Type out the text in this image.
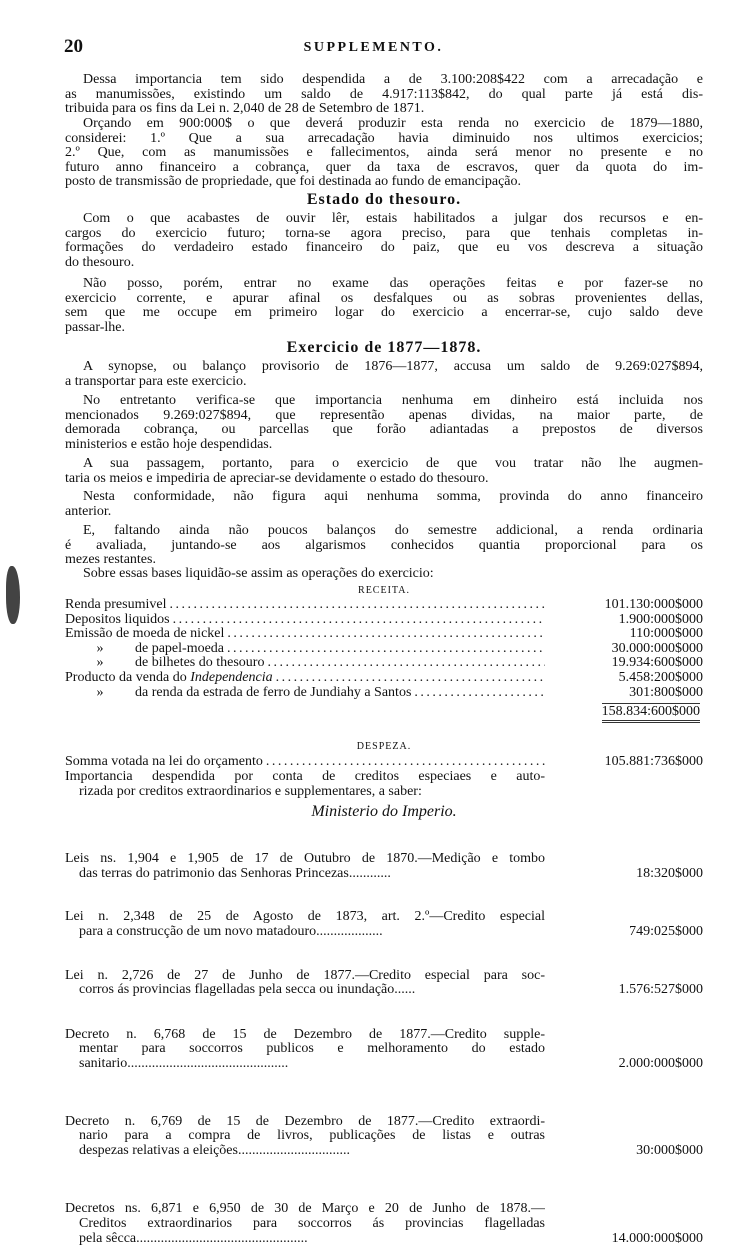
20	SUPPLEMENTO.
Dessa importancia tem sido despendida a de 3.100:208$422 com a arrecadação e
as manumissões, existindo um saldo de 4.917:113$842, do qual parte já está dis-
tribuida para os fins da Lei n. 2,040 de 28 de Setembro de 1871.
Orçando em 900:000$ o que deverá produzir esta renda no exercicio de 1879—1880,
considerei: 1.º Que a sua arrecadação havia diminuido nos ultimos exercicios;
2.º Que, com as manumissões e fallecimentos, ainda será menor no presente e no
futuro anno financeiro a cobrança, quer da taxa de escravos, quer da quota do im-
posto de transmissão de propriedade, que foi destinada ao fundo de emancipação.
Estado do thesouro.
Com o que acabastes de ouvir lêr, estais habilitados a julgar dos recursos e en-
cargos do exercicio futuro; torna-se agora preciso, para que tenhais completas in-
formações do verdadeiro estado financeiro do paiz, que eu vos descreva a situação
do thesouro.
Não posso, porém, entrar no exame das operações feitas e por fazer-se no
exercicio corrente, e apurar afinal os desfalques ou as sobras provenientes dellas,
sem que me occupe em primeiro logar do exercicio a encerrar-se, cujo saldo deve
passar-lhe.
Exercicio de 1877—1878.
A synopse, ou balanço provisorio de 1876—1877, accusa um saldo de 9.269:027$894,
a transportar para este exercicio.
No entretanto verifica-se que importancia nenhuma em dinheiro está incluida nos
mencionados 9.269:027$894, que representão apenas dividas, na maior parte, de
demorada cobrança, ou parcellas que forão adiantadas a prepostos de diversos
ministerios e estão hoje despendidas.
A sua passagem, portanto, para o exercicio de que vou tratar não lhe augmen-
taria os meios e impediria de apreciar-se devidamente o estado do thesouro.
Nesta conformidade, não figura aqui nenhuma somma, provinda do anno financeiro
anterior.
E, faltando ainda não poucos balanços do semestre addicional, a renda ordinaria
é avaliada, juntando-se aos algarismos conhecidos quantia proporcional para os
mezes restantes.
Sobre essas bases liquidão-se assim as operações do exercicio:
RECEITA.
Renda presumivel . . .	101.130:000$000
Depositos liquidos . . .	1.900:000$000
Emissão de moeda de nickel . . .	110:000$000
» de papel-moeda . . .	30.000:000$000
» de bilhetes do thesouro . . .	19.934:600$000
Producto da venda do Independencia . . .	5.458:200$000
» da renda da estrada de ferro de Jundiahy a Santos . . .	301:800$000
158.834:600$000
DESPEZA.
Somma votada na lei do orçamento . . .	105.881:736$000
Importancia despendida por conta de creditos especiaes e auto-
rizada por creditos extraordinarios e supplementares, a saber:
Ministerio do Imperio.
Leis ns. 1,904 e 1,905 de 17 de Outubro de 1870.—Medição e tombo
das terras do patrimonio das Senhoras Princezas............	18:320$000
Lei n. 2,348 de 25 de Agosto de 1873, art. 2.º—Credito especial
para a construcção de um novo matadouro...................	749:025$000
Lei n. 2,726 de 27 de Junho de 1877.—Credito especial para soc-
corros ás provincias flagelladas pela secca ou inundação......	1.576:527$000
Decreto n. 6,768 de 15 de Dezembro de 1877.—Credito supple-
mentar para soccorros publicos e melhoramento do estado
sanitario..............................................	2.000:000$000
Decreto n. 6,769 de 15 de Dezembro de 1877.—Credito extraordi-
nario para a compra de livros, publicações de listas e outras
despezas relativas a eleições................................	30:000$000
Decretos ns. 6,871 e 6,950 de 30 de Março e 20 de Junho de 1878.—
Creditos extraordinarios para soccorros ás provincias flagelladas
pela sêcca.................................................	14.000:000$000
